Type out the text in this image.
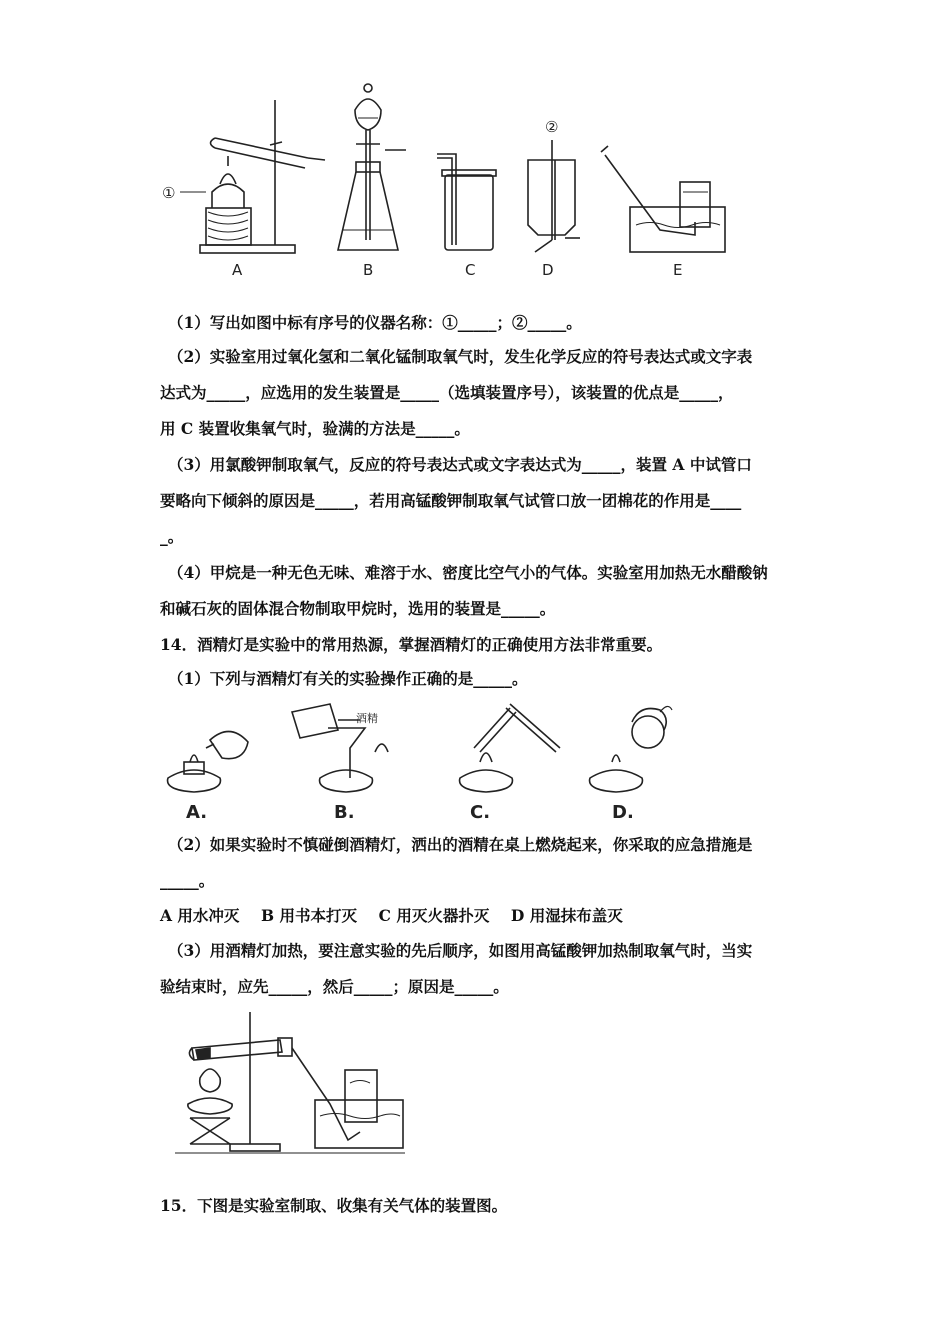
①
②
A	B	C	D	E
（1）写出如图中标有序号的仪器名称：①_____；②_____。
（2）实验室用过氧化氢和二氧化锰制取氧气时，发生化学反应的符号表达式或文字表
达式为_____，应选用的发生装置是_____（选填装置序号），该装置的优点是_____，
用 C 装置收集氧气时，验满的方法是_____。
（3）用氯酸钾制取氧气，反应的符号表达式或文字表达式为_____，装置 A 中试管口
要略向下倾斜的原因是_____，若用高锰酸钾制取氧气试管口放一团棉花的作用是____
_。
（4）甲烷是一种无色无味、难溶于水、密度比空气小的气体。实验室用加热无水醋酸钠
和碱石灰的固体混合物制取甲烷时，选用的装置是_____。
14．酒精灯是实验中的常用热源，掌握酒精灯的正确使用方法非常重要。
（1）下列与酒精灯有关的实验操作正确的是_____。
酒精
A.	B.	C.	D.
（2）如果实验时不慎碰倒酒精灯，洒出的酒精在桌上燃烧起来，你采取的应急措施是
_____。
A 用水冲灭    B 用书本打灭    C 用灭火器扑灭    D 用湿抹布盖灭
（3）用酒精灯加热，要注意实验的先后顺序，如图用高锰酸钾加热制取氧气时，当实
验结束时，应先_____，然后_____；原因是_____。
15．下图是实验室制取、收集有关气体的装置图。
